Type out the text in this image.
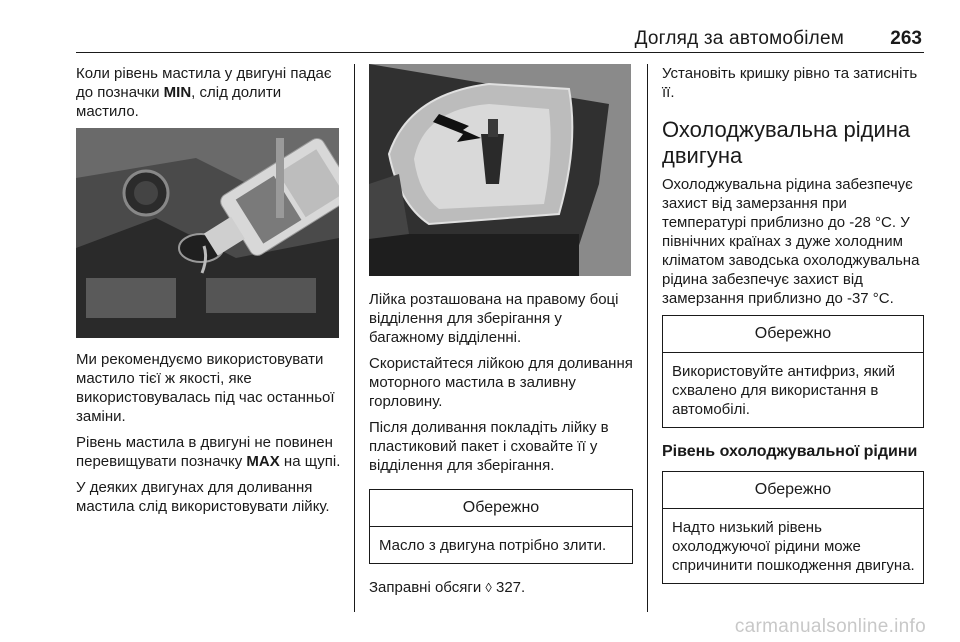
Догляд за автомобілем 263

Коли рівень мастила у двигуні падає до позначки MIN, слід долити мастило.

Ми рекомендуємо використовувати мастило тієї ж якості, яке використовувалась під час останньої заміни.

Рівень мастила в двигуні не повинен перевищувати позначку MAX на щупі.

У деяких двигунах для доливання мастила слід використовувати лійку.

Лійка розташована на правому боці відділення для зберігання у багажному відділенні.

Скористайтеся лійкою для доливання моторного мастила в заливну горловину.

Після доливання покладіть лійку в пластиковий пакет і сховайте її у відділення для зберігання.

Обережно
Масло з двигуна потрібно злити.

Заправні обсяги ◊ 327.

Установіть кришку рівно та затисніть її.

Охолоджувальна рідина двигуна

Охолоджувальна рідина забезпечує захист від замерзання при температурі приблизно до -28 °C. У північних країнах з дуже холодним кліматом заводська охолоджувальна рідина забезпечує захист від замерзання приблизно до -37 °C.

Обережно
Використовуйте антифриз, який схвалено для використання в автомобілі.
Рівень охолоджувальної рідини
Обережно
Надто низький рівень охолоджуючої рідини може спричинити пошкодження двигуна.
carmanualsonline.info
